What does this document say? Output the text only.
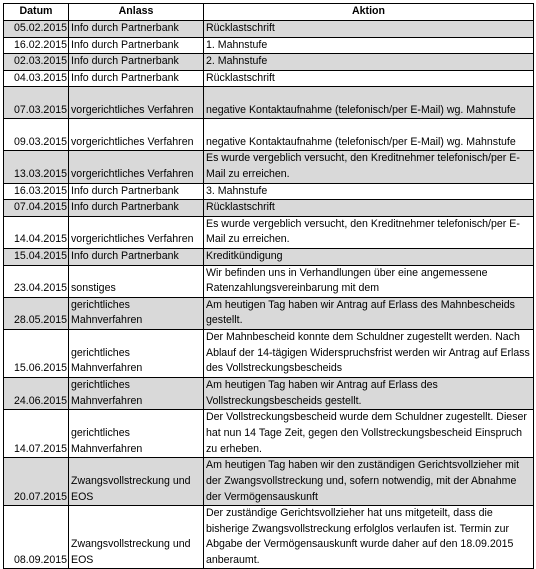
Datum	Anlass	Aktion
05.02.2015	Info durch Partnerbank	Rücklastschrift
16.02.2015	Info durch Partnerbank	1. Mahnstufe
02.03.2015	Info durch Partnerbank	2. Mahnstufe
04.03.2015	Info durch Partnerbank	Rücklastschrift
07.03.2015	vorgerichtliches Verfahren	negative Kontaktaufnahme (telefonisch/per E-Mail) wg. Mahnstufe
09.03.2015	vorgerichtliches Verfahren	negative Kontaktaufnahme (telefonisch/per E-Mail) wg. Mahnstufe
13.03.2015	vorgerichtliches Verfahren	Es wurde vergeblich versucht, den Kreditnehmer telefonisch/per E-Mail zu erreichen.
16.03.2015	Info durch Partnerbank	3. Mahnstufe
07.04.2015	Info durch Partnerbank	Rücklastschrift
14.04.2015	vorgerichtliches Verfahren	Es wurde vergeblich versucht, den Kreditnehmer telefonisch/per E-Mail zu erreichen.
15.04.2015	Info durch Partnerbank	Kreditkündigung
23.04.2015	sonstiges	Wir befinden uns in Verhandlungen über eine angemessene Ratenzahlungsvereinbarung mit dem
28.05.2015	gerichtliches Mahnverfahren	Am heutigen Tag haben wir Antrag auf Erlass des Mahnbescheids gestellt.
15.06.2015	gerichtliches Mahnverfahren	Der Mahnbescheid konnte dem Schuldner zugestellt werden. Nach Ablauf der 14-tägigen Widerspruchsfrist werden wir Antrag auf Erlass des Vollstreckungsbescheids
24.06.2015	gerichtliches Mahnverfahren	Am heutigen Tag haben wir Antrag auf Erlass des Vollstreckungsbescheids gestellt.
14.07.2015	gerichtliches Mahnverfahren	Der Vollstreckungsbescheid wurde dem Schuldner zugestellt. Dieser hat nun 14 Tage Zeit, gegen den Vollstreckungsbescheid Einspruch zu erheben.
20.07.2015	Zwangsvollstreckung und EOS	Am heutigen Tag haben wir den zuständigen Gerichtsvollzieher mit der Zwangsvollstreckung und, sofern notwendig, mit der Abnahme der Vermögensauskunft
08.09.2015	Zwangsvollstreckung und EOS	Der zuständige Gerichtsvollzieher hat uns mitgeteilt, dass die bisherige Zwangsvollstreckung erfolglos verlaufen ist. Termin zur Abgabe der Vermögensauskunft wurde daher auf den 18.09.2015 anberaumt.
